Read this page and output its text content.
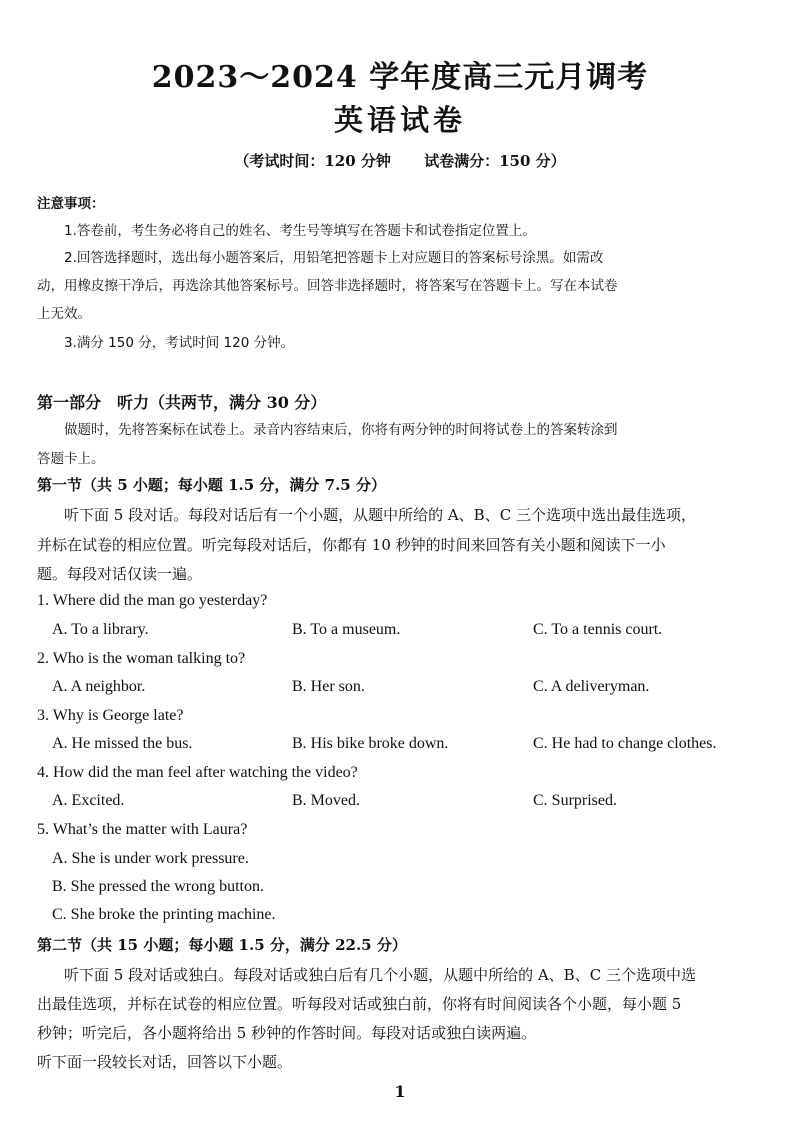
2023～2024 学年度高三元月调考
英语试卷
（考试时间：120 分钟 试卷满分：150 分）
注意事项：
1.答卷前，考生务必将自己的姓名、考生号等填写在答题卡和试卷指定位置上。
2.回答选择题时，选出每小题答案后，用铅笔把答题卡上对应题目的答案标号涂黑。如需改
动，用橡皮擦干净后，再选涂其他答案标号。回答非选择题时，将答案写在答题卡上。写在本试卷
上无效。
3.满分 150 分，考试时间 120 分钟。
第一部分　听力（共两节，满分 30 分）
做题时，先将答案标在试卷上。录音内容结束后，你将有两分钟的时间将试卷上的答案转涂到
答题卡上。
第一节（共 5 小题；每小题 1.5 分，满分 7.5 分）
听下面 5 段对话。每段对话后有一个小题，从题中所给的 A、B、C 三个选项中选出最佳选项，
并标在试卷的相应位置。听完每段对话后，你都有 10 秒钟的时间来回答有关小题和阅读下一小
题。每段对话仅读一遍。
1. Where did the man go yesterday?
A. To a library.	B. To a museum.	C. To a tennis court.
2. Who is the woman talking to?
A. A neighbor.	B. Her son.	C. A deliveryman.
3. Why is George late?
A. He missed the bus.	B. His bike broke down.	C. He had to change clothes.
4. How did the man feel after watching the video?
A. Excited.	B. Moved.	C. Surprised.
5. What’s the matter with Laura?
A. She is under work pressure.
B. She pressed the wrong button.
C. She broke the printing machine.
第二节（共 15 小题；每小题 1.5 分，满分 22.5 分）
听下面 5 段对话或独白。每段对话或独白后有几个小题，从题中所给的 A、B、C 三个选项中选
出最佳选项，并标在试卷的相应位置。听每段对话或独白前，你将有时间阅读各个小题，每小题 5
秒钟；听完后，各小题将给出 5 秒钟的作答时间。每段对话或独白读两遍。
听下面一段较长对话，回答以下小题。
1
